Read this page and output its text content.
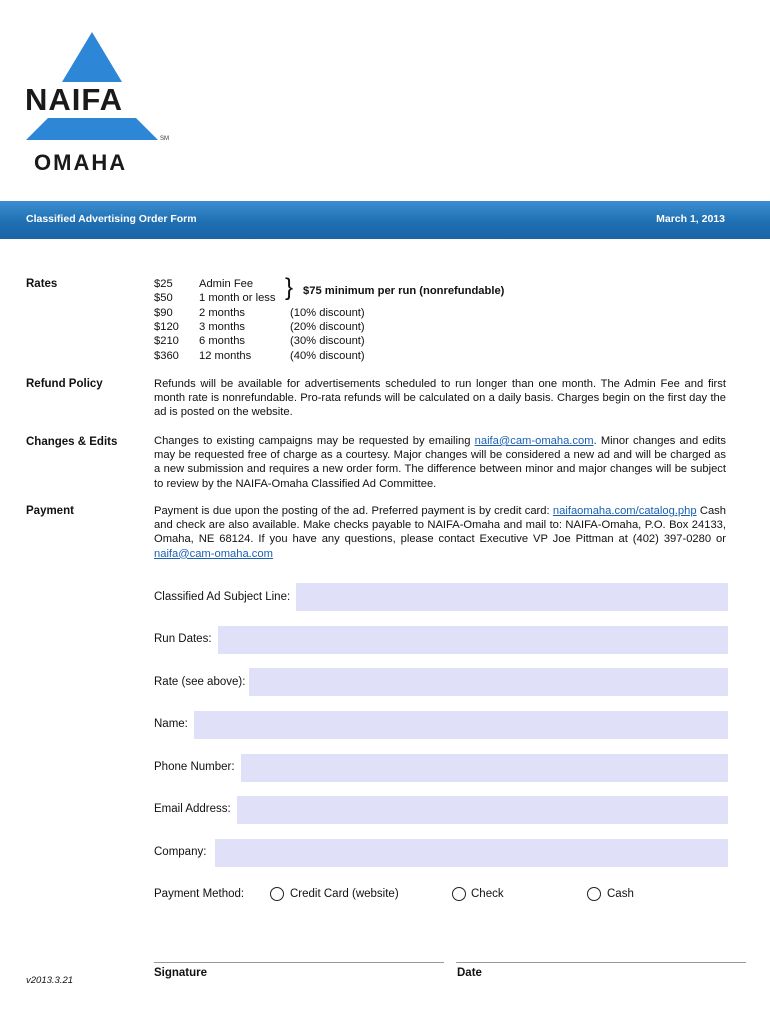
NAIFA
SM
OMAHA
Classified Advertising Order Form	March 1, 2013
Rates	$25 Admin Fee
$50 1 month or less
$90 2 months	(10% discount)
$120 3 months	(20% discount)
$210 6 months	(30% discount)
$360 12 months	(40% discount)
} $75 minimum per run (nonrefundable)
Refund Policy	Refunds will be available for advertisements scheduled to run longer than one month. The Admin Fee and first month rate is nonrefundable. Pro-rata refunds will be calculated on a daily basis. Charges begin on the first day the ad is posted on the website.
Changes & Edits	Changes to existing campaigns may be requested by emailing naifa@cam-omaha.com. Minor changes and edits may be requested free of charge as a courtesy. Major changes will be considered a new ad and will be charged as a new submission and requires a new order form. The difference between minor and major changes will be subject to review by the NAIFA-Omaha Classified Ad Committee.
Payment	Payment is due upon the posting of the ad. Preferred payment is by credit card: naifaomaha.com/catalog.php Cash and check are also available. Make checks payable to NAIFA-Omaha and mail to: NAIFA-Omaha, P.O. Box 24133, Omaha, NE 68124. If you have any questions, please contact Executive VP Joe Pittman at (402) 397-0280 or naifa@cam-omaha.com
Classified Ad Subject Line:
Run Dates:
Rate (see above):
Name:
Phone Number:
Email Address:
Company:
Payment Method:	Credit Card (website)	Check	Cash
Signature	Date
v2013.3.21
